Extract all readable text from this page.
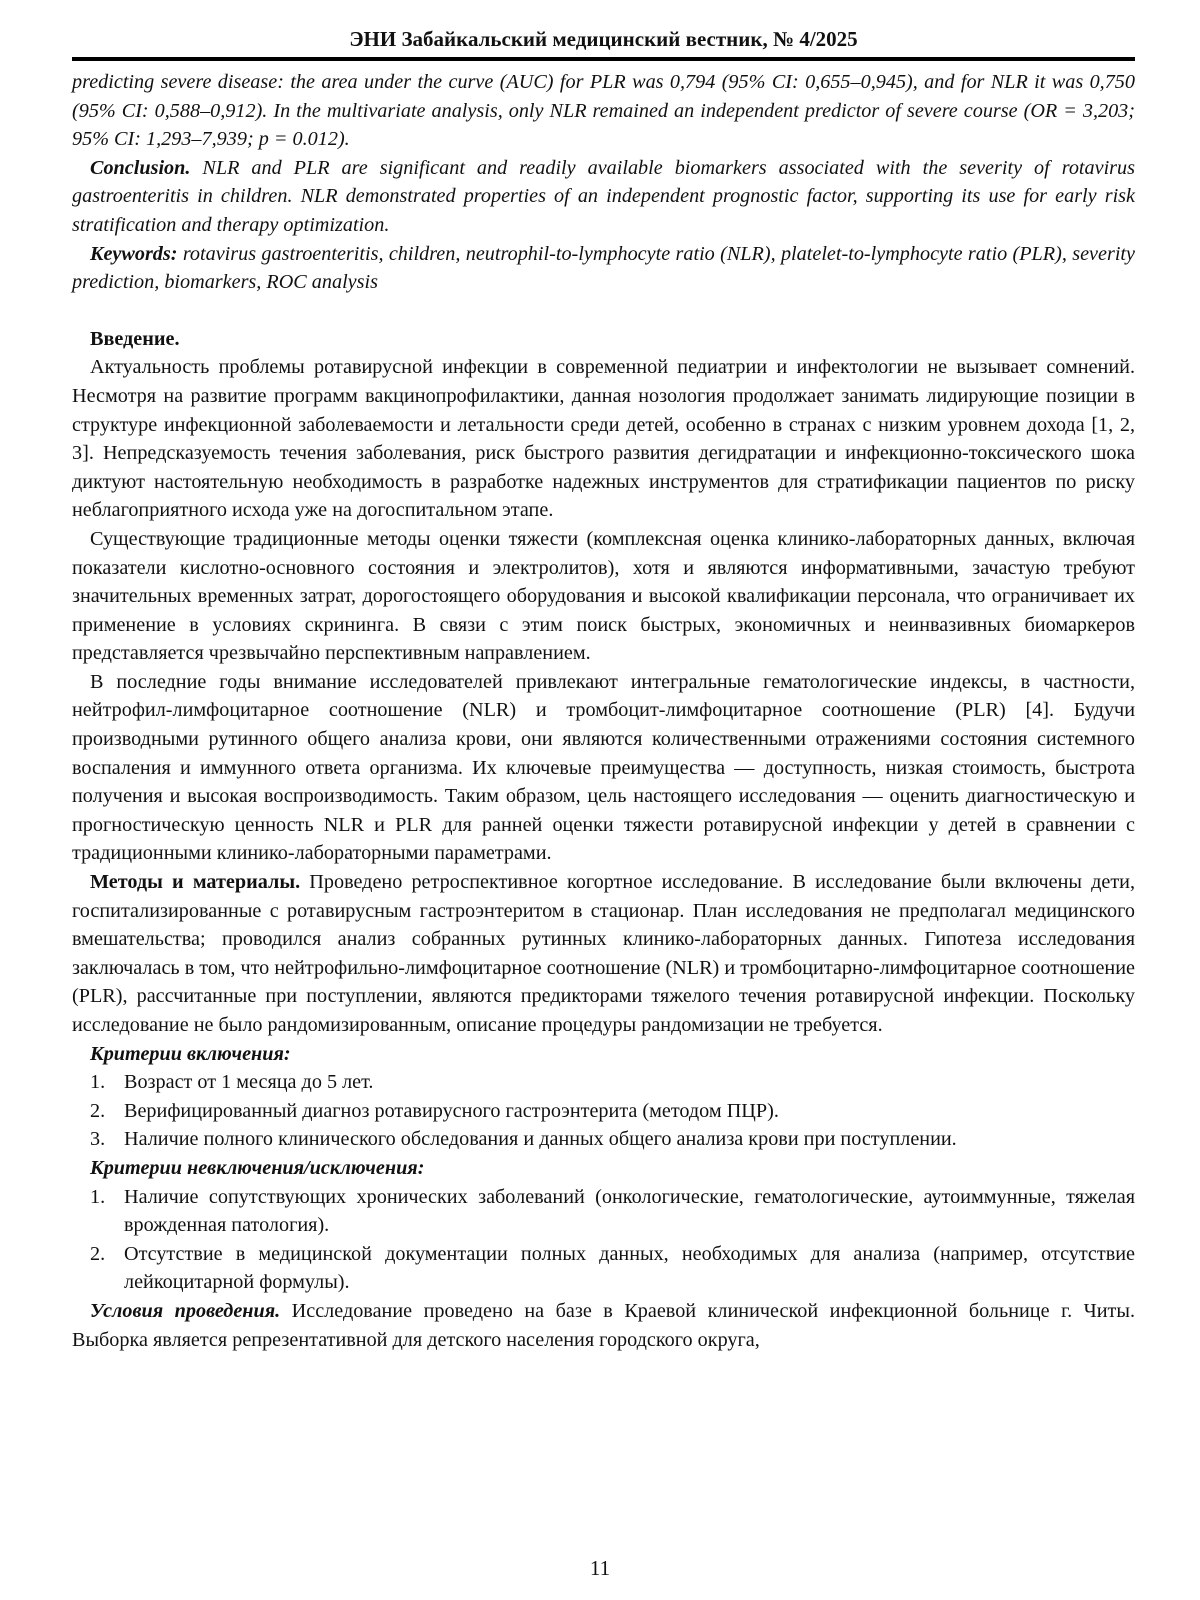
ЭНИ Забайкальский медицинский вестник, № 4/2025

predicting severe disease: the area under the curve (AUC) for PLR was 0,794 (95% CI: 0,655–0,945), and for NLR it was 0,750 (95% CI: 0,588–0,912). In the multivariate analysis, only NLR remained an independent predictor of severe course (OR = 3,203; 95% CI: 1,293–7,939; p = 0.012).

Conclusion. NLR and PLR are significant and readily available biomarkers associated with the severity of rotavirus gastroenteritis in children. NLR demonstrated properties of an independent prognostic factor, supporting its use for early risk stratification and therapy optimization.

Keywords: rotavirus gastroenteritis, children, neutrophil-to-lymphocyte ratio (NLR), platelet-to-lymphocyte ratio (PLR), severity prediction, biomarkers, ROC analysis

Введение.

Актуальность проблемы ротавирусной инфекции в современной педиатрии и инфектологии не вызывает сомнений. Несмотря на развитие программ вакцинопрофилактики, данная нозология продолжает занимать лидирующие позиции в структуре инфекционной заболеваемости и летальности среди детей, особенно в странах с низким уровнем дохода [1, 2, 3]. Непредсказуемость течения заболевания, риск быстрого развития дегидратации и инфекционно-токсического шока диктуют настоятельную необходимость в разработке надежных инструментов для стратификации пациентов по риску неблагоприятного исхода уже на догоспитальном этапе.

Существующие традиционные методы оценки тяжести (комплексная оценка клинико-лабораторных данных, включая показатели кислотно-основного состояния и электролитов), хотя и являются информативными, зачастую требуют значительных временных затрат, дорогостоящего оборудования и высокой квалификации персонала, что ограничивает их применение в условиях скрининга. В связи с этим поиск быстрых, экономичных и неинвазивных биомаркеров представляется чрезвычайно перспективным направлением.

В последние годы внимание исследователей привлекают интегральные гематологические индексы, в частности, нейтрофил-лимфоцитарное соотношение (NLR) и тромбоцит-лимфоцитарное соотношение (PLR) [4]. Будучи производными рутинного общего анализа крови, они являются количественными отражениями состояния системного воспаления и иммунного ответа организма. Их ключевые преимущества — доступность, низкая стоимость, быстрота получения и высокая воспроизводимость. Таким образом, цель настоящего исследования — оценить диагностическую и прогностическую ценность NLR и PLR для ранней оценки тяжести ротавирусной инфекции у детей в сравнении с традиционными клинико-лабораторными параметрами.

Методы и материалы. Проведено ретроспективное когортное исследование. В исследование были включены дети, госпитализированные с ротавирусным гастроэнтеритом в стационар. План исследования не предполагал медицинского вмешательства; проводился анализ собранных рутинных клинико-лабораторных данных. Гипотеза исследования заключалась в том, что нейтрофильно-лимфоцитарное соотношение (NLR) и тромбоцитарно-лимфоцитарное соотношение (PLR), рассчитанные при поступлении, являются предикторами тяжелого течения ротавирусной инфекции. Поскольку исследование не было рандомизированным, описание процедуры рандомизации не требуется.

Критерии включения:

1. Возраст от 1 месяца до 5 лет.
2. Верифицированный диагноз ротавирусного гастроэнтерита (методом ПЦР).
3. Наличие полного клинического обследования и данных общего анализа крови при поступлении.

Критерии невключения/исключения:

1. Наличие сопутствующих хронических заболеваний (онкологические, гематологические, аутоиммунные, тяжелая врожденная патология).
2. Отсутствие в медицинской документации полных данных, необходимых для анализа (например, отсутствие лейкоцитарной формулы).

Условия проведения. Исследование проведено на базе в Краевой клинической инфекционной больнице г. Читы. Выборка является репрезентативной для детского населения городского округа,

11
